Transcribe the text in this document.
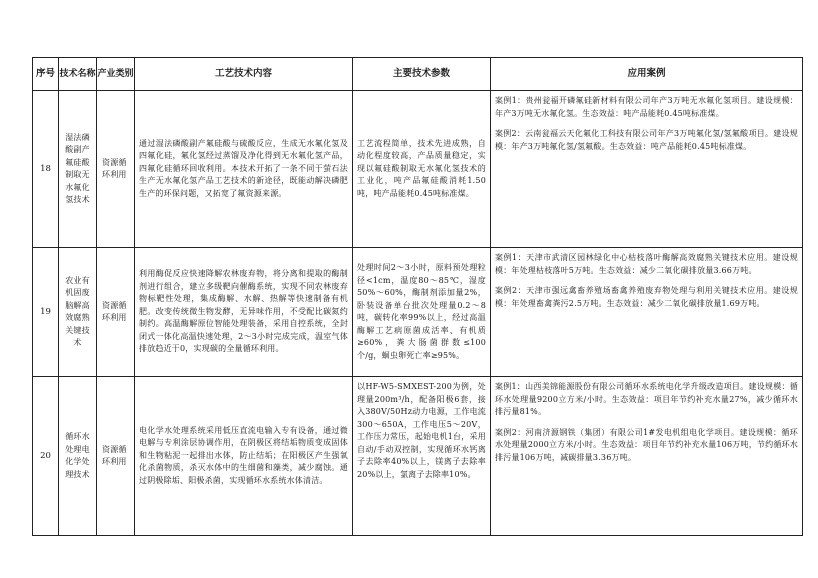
序号	技术名称	产业类别	工艺技术内容	主要技术参数	应用案例
18	湿法磷酸副产氟硅酸制取无水氟化氢技术	资源循环利用	通过湿法磷酸副产氟硅酸与硫酸反应，生成无水氟化氢及四氟化硅，氟化氢经过蒸馏及净化得到无水氟化氢产品，四氟化硅循环回收利用。本技术开拓了一条不同于萤石法生产无水氟化氢产品工艺技术的新途径，既能动解决磷肥生产的环保问题，又拓宽了氟资源来源。	工艺流程简单，技术先进成熟，自动化程度较高，产品质量稳定，实现以氟硅酸制取无水氟化氢技术的工业化，吨产品氟硅酸消耗1.50吨，吨产品能耗0.45吨标准煤。	案例1：贵州瓮福开磷氟硅新材料有限公司年产3万吨无水氟化氢项目。建设规模：年产3万吨无水氟化氢。生态效益：吨产品能耗0.45吨标准煤。
案例2：云南瓮福云天化氟化工科技有限公司年产3万吨氟化氢/氢氟酸项目。建设规模：年产3万吨氟化氢/氢氟酸。生态效益：吨产品能耗0.45吨标准煤。

19	农业有机固废脑解高效腐熟关键技术	资源循环利用	利用酶促反应快速降解农林废弃物，将分离和提取的酶制剂进行组合，建立多级靶向催酶系统，实现不同农林废弃物标靶性处理，集成酶解、水解、热解等快速制备有机肥。改变传统微生物发酵，无异味作用，不受配比碳氮约制约。高温酶解原位智能处理装备，采用自控系统，全封闭式一体化高温快速处理，2～3小时完成完成，温室气体排放趋近于0，实现碳的全量循环利用。	处理时间2～3小时，原料预处理粒径<1cm，温度80～85℃，湿度50%～60%，酶制剂添加量2%，卧装设备单台批次处理量0.2～8吨，碳转化率99%以上，经过高温酶解工艺病原菌成活率、有机质≥60%，粪大肠菌群数≤100个/g，蛔虫卵死亡率≥95%。	案例1：天津市武清区园林绿化中心枯枝落叶酶解高效腐熟关键技术应用。建设规模：年处理枯枝落叶5万吨。生态效益：减少二氧化碳排放量3.66万吨。
案例2：天津市强远禽畜养殖场畜禽养殖废弃物处理与利用关键技术应用。建设规模：年处理畜禽粪污2.5万吨。生态效益：减少二氧化碳排放量1.69万吨。

20	循环水处理电化学处理技术	资源循环利用	电化学水处理系统采用低压直流电输入专有设备，通过微电解与专利涂层协调作用，在阴极区将结垢物质变成固体和生物粘泥一起排出水体，防止结垢；在阳极区产生强氧化杀菌物质，杀灭水体中的生细菌和藻类，减少腐蚀。通过阴极除垢、阳极杀菌，实现循环水系统水体清洁。	以HF-W5-SMXEST-200为例，处理量200m³/h，配备阳极6套，接入380V/50Hz动力电源，工作电流300～650A，工作电压5～20V，工作压力常压，起始电机1台，采用自动/手动双控制，实现循环水钙离子去除率40%以上，镁离子去除率20%以上，氯离子去除率10%。	案例1：山西美锦能源股份有限公司循环水系统电化学升级改造项目。建设规模：循环水处理量9200立方米/小时。生态效益：项目年节约补充水量27%，减少循环水排污量81%。
案例2：河南济源钢铁（集团）有限公司1#发电机组电化学项目。建设规模：循环水处理量2000立方米/小时。生态效益：项目年节约补充水量106万吨，节约循环水排污量106万吨，减碳排量3.36万吨。
